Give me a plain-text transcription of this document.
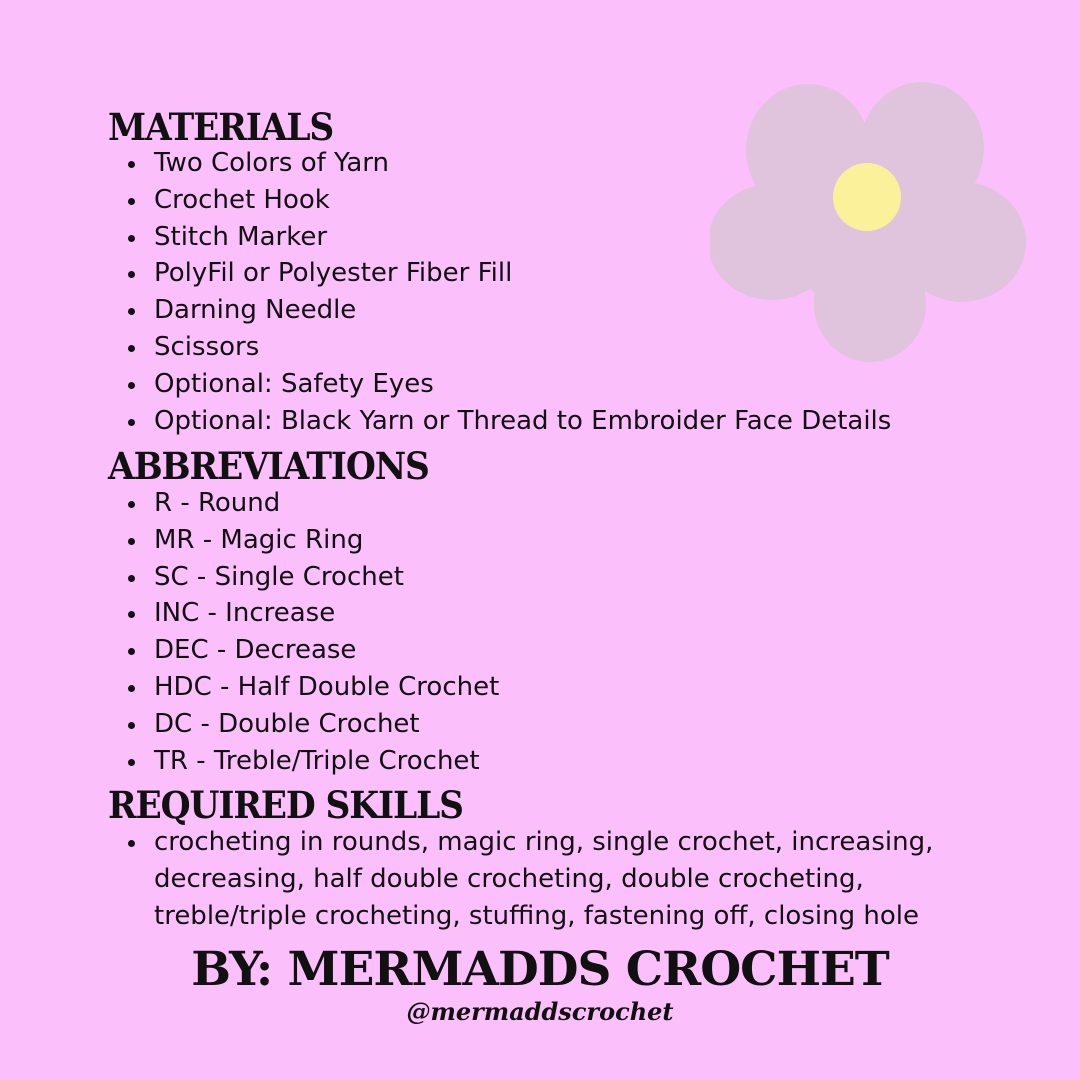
MATERIALS
Two Colors of Yarn
Crochet Hook
Stitch Marker
PolyFil or Polyester Fiber Fill
Darning Needle
Scissors
Optional: Safety Eyes
Optional: Black Yarn or Thread to Embroider Face Details
ABBREVIATIONS
R - Round
MR - Magic Ring
SC - Single Crochet
INC - Increase
DEC - Decrease
HDC - Half Double Crochet
DC - Double Crochet
TR - Treble/Triple Crochet
REQUIRED SKILLS
crocheting in rounds, magic ring, single crochet, increasing, decreasing, half double crocheting, double crocheting, treble/triple crocheting, stuffing, fastening off, closing hole

BY: MERMADDS CROCHET

@mermaddscrochet
